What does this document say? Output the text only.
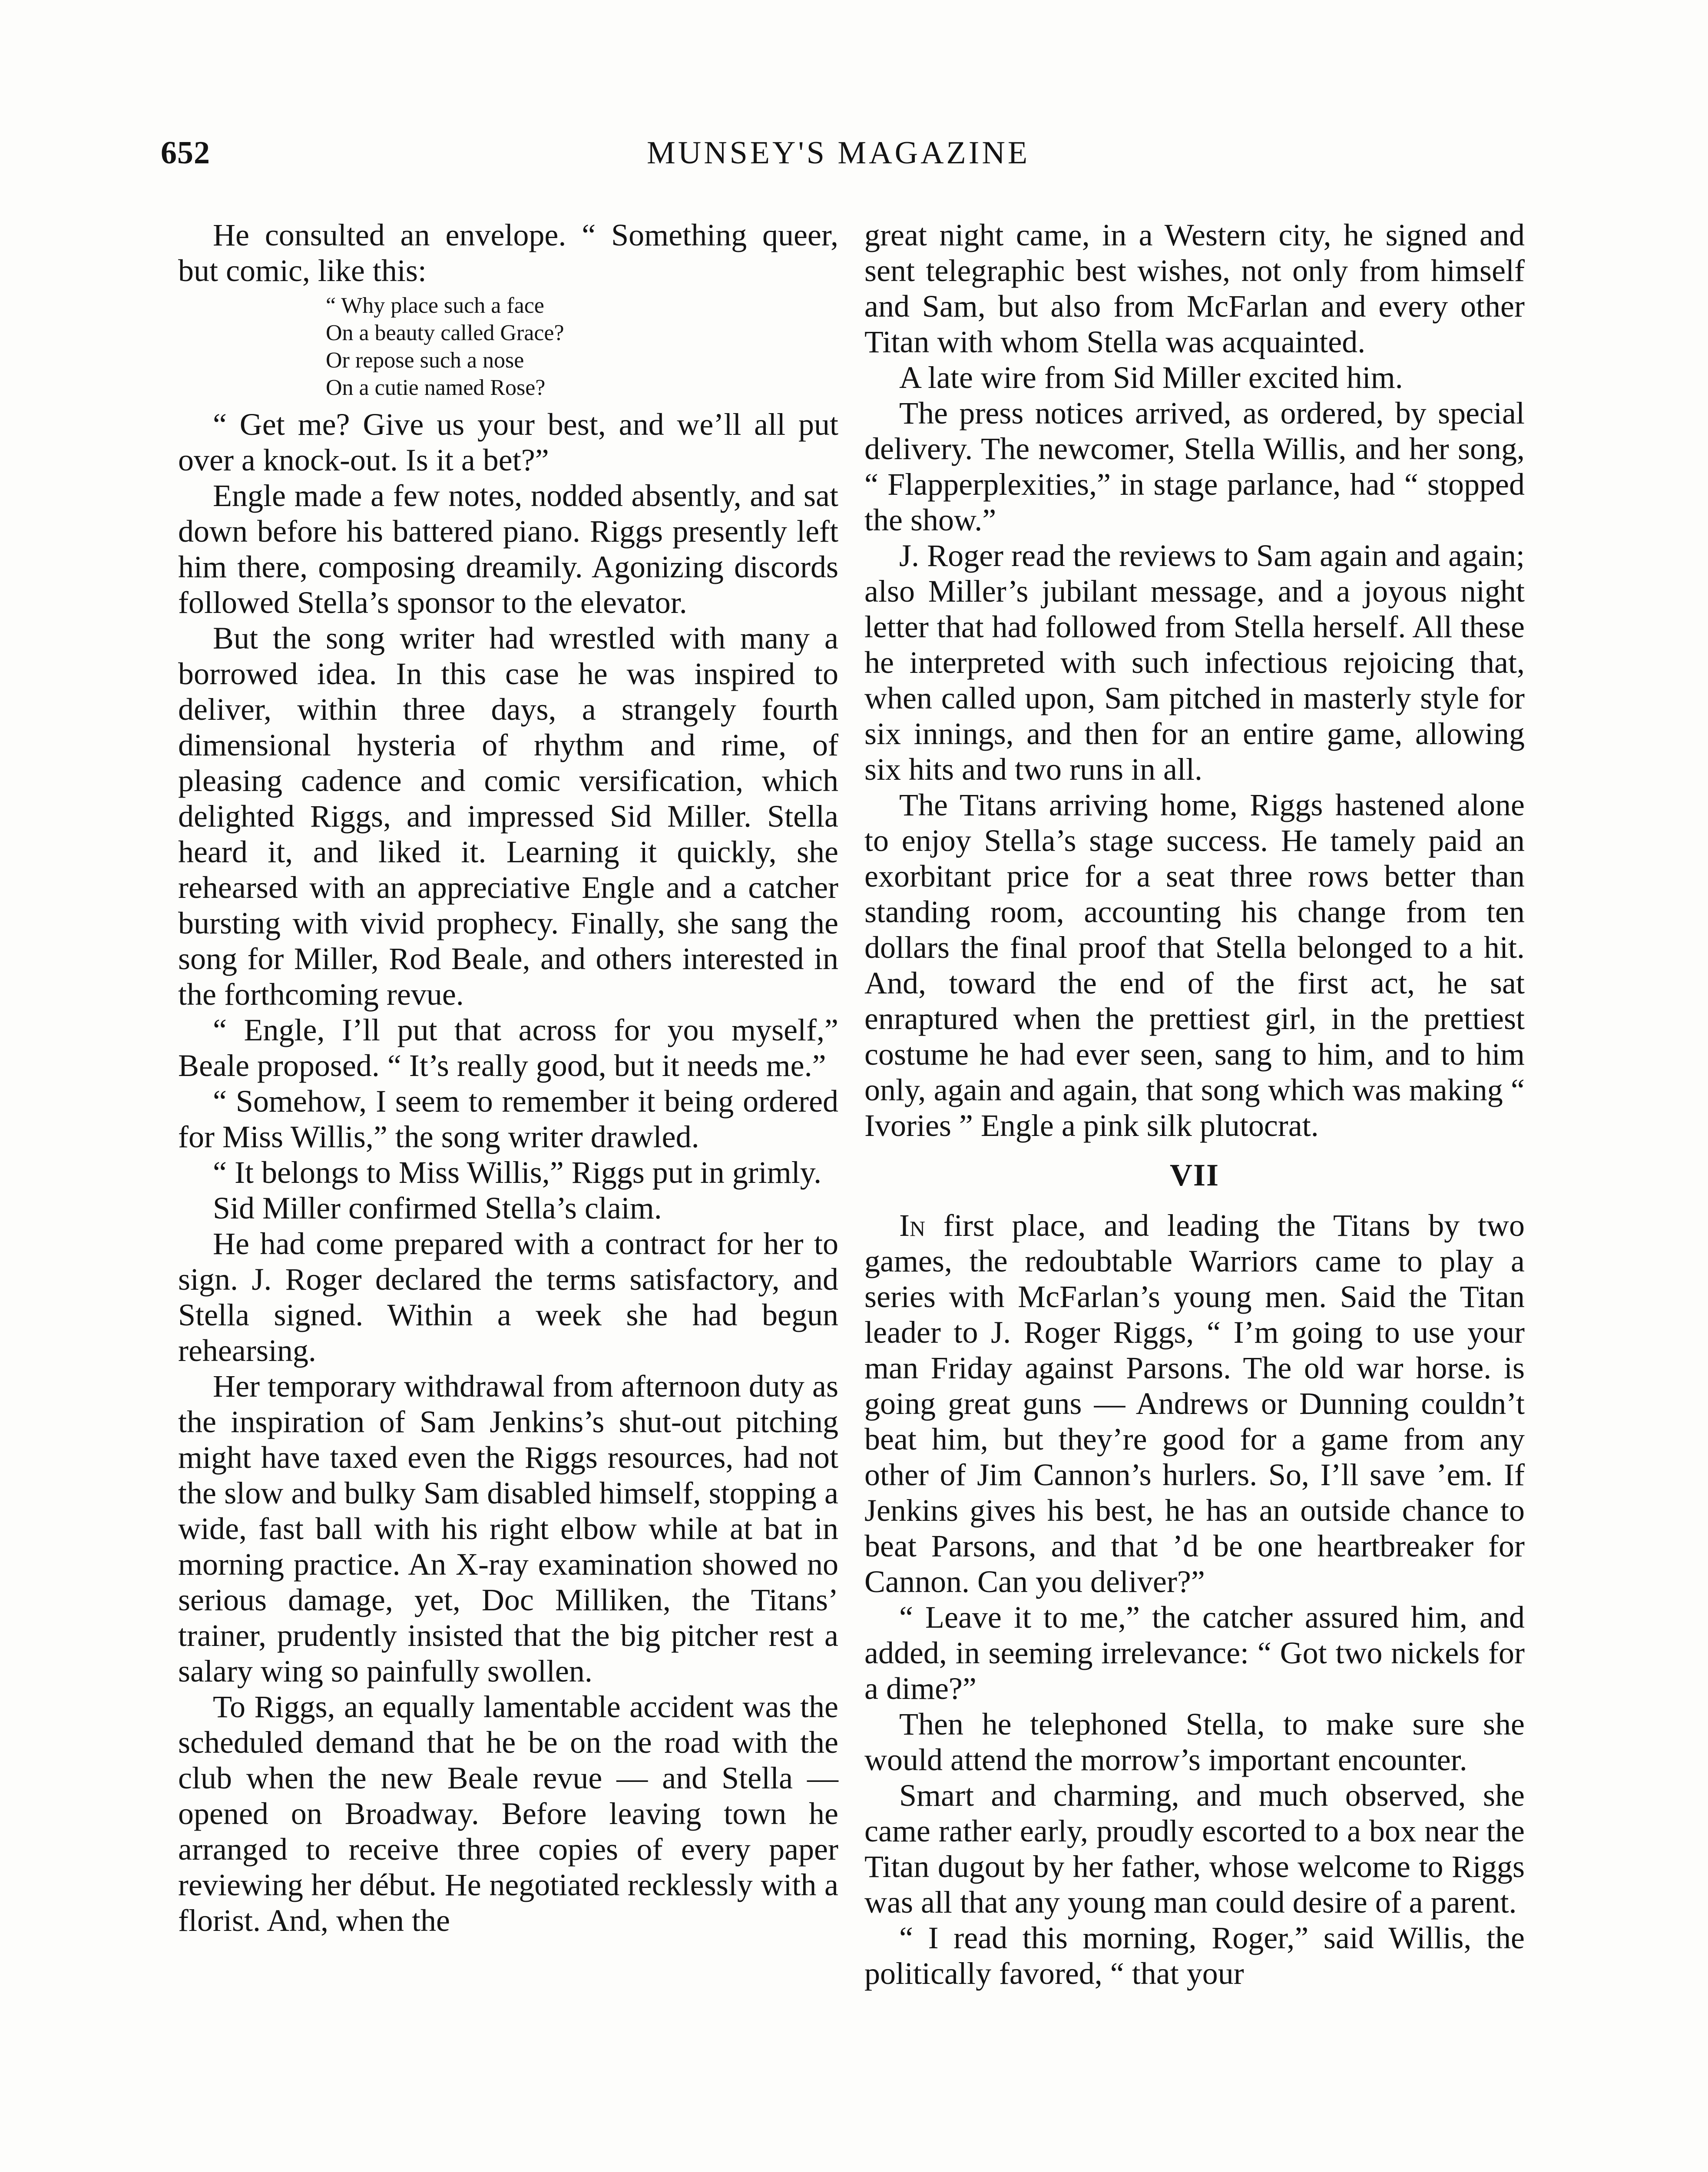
652	MUNSEY'S MAGAZINE

He consulted an envelope. “ Something queer, but comic, like this:

“ Why place such a face
On a beauty called Grace?
Or repose such a nose
On a cutie named Rose?

“ Get me? Give us your best, and we’ll all put over a knock-out. Is it a bet?”

Engle made a few notes, nodded absently, and sat down before his battered piano. Riggs presently left him there, composing dreamily. Agonizing discords followed Stella’s sponsor to the elevator.

But the song writer had wrestled with many a borrowed idea. In this case he was inspired to deliver, within three days, a strangely fourth dimensional hysteria of rhythm and rime, of pleasing cadence and comic versification, which delighted Riggs, and impressed Sid Miller. Stella heard it, and liked it. Learning it quickly, she rehearsed with an appreciative Engle and a catcher bursting with vivid prophecy. Finally, she sang the song for Miller, Rod Beale, and others interested in the forthcoming revue.

“ Engle, I’ll put that across for you myself,” Beale proposed. “ It’s really good, but it needs me.”

“ Somehow, I seem to remember it being ordered for Miss Willis,” the song writer drawled.

“ It belongs to Miss Willis,” Riggs put in grimly.

Sid Miller confirmed Stella’s claim.

He had come prepared with a contract for her to sign. J. Roger declared the terms satisfactory, and Stella signed. Within a week she had begun rehearsing.

Her temporary withdrawal from afternoon duty as the inspiration of Sam Jenkins’s shut-out pitching might have taxed even the Riggs resources, had not the slow and bulky Sam disabled himself, stopping a wide, fast ball with his right elbow while at bat in morning practice. An X-ray examination showed no serious damage, yet, Doc Milliken, the Titans’ trainer, prudently insisted that the big pitcher rest a salary wing so painfully swollen.

To Riggs, an equally lamentable accident was the scheduled demand that he be on the road with the club when the new Beale revue — and Stella — opened on Broadway. Before leaving town he arranged to receive three copies of every paper reviewing her début. He negotiated recklessly with a florist. And, when the

great night came, in a Western city, he signed and sent telegraphic best wishes, not only from himself and Sam, but also from McFarlan and every other Titan with whom Stella was acquainted.

A late wire from Sid Miller excited him.

The press notices arrived, as ordered, by special delivery. The newcomer, Stella Willis, and her song, “ Flapperplexities,” in stage parlance, had “ stopped the show.”

J. Roger read the reviews to Sam again and again; also Miller’s jubilant message, and a joyous night letter that had followed from Stella herself. All these he interpreted with such infectious rejoicing that, when called upon, Sam pitched in masterly style for six innings, and then for an entire game, allowing six hits and two runs in all.

The Titans arriving home, Riggs hastened alone to enjoy Stella’s stage success. He tamely paid an exorbitant price for a seat three rows better than standing room, accounting his change from ten dollars the final proof that Stella belonged to a hit. And, toward the end of the first act, he sat enraptured when the prettiest girl, in the prettiest costume he had ever seen, sang to him, and to him only, again and again, that song which was making “ Ivories ” Engle a pink silk plutocrat.

VII

In first place, and leading the Titans by two games, the redoubtable Warriors came to play a series with McFarlan’s young men. Said the Titan leader to J. Roger Riggs, “ I’m going to use your man Friday against Parsons. The old war horse. is going great guns — Andrews or Dunning couldn’t beat him, but they’re good for a game from any other of Jim Cannon’s hurlers. So, I’ll save ’em. If Jenkins gives his best, he has an outside chance to beat Parsons, and that ’d be one heartbreaker for Cannon. Can you deliver?”

“ Leave it to me,” the catcher assured him, and added, in seeming irrelevance: “ Got two nickels for a dime?”

Then he telephoned Stella, to make sure she would attend the morrow’s important encounter.

Smart and charming, and much observed, she came rather early, proudly escorted to a box near the Titan dugout by her father, whose welcome to Riggs was all that any young man could desire of a parent.

“ I read this morning, Roger,” said Willis, the politically favored, “ that your
